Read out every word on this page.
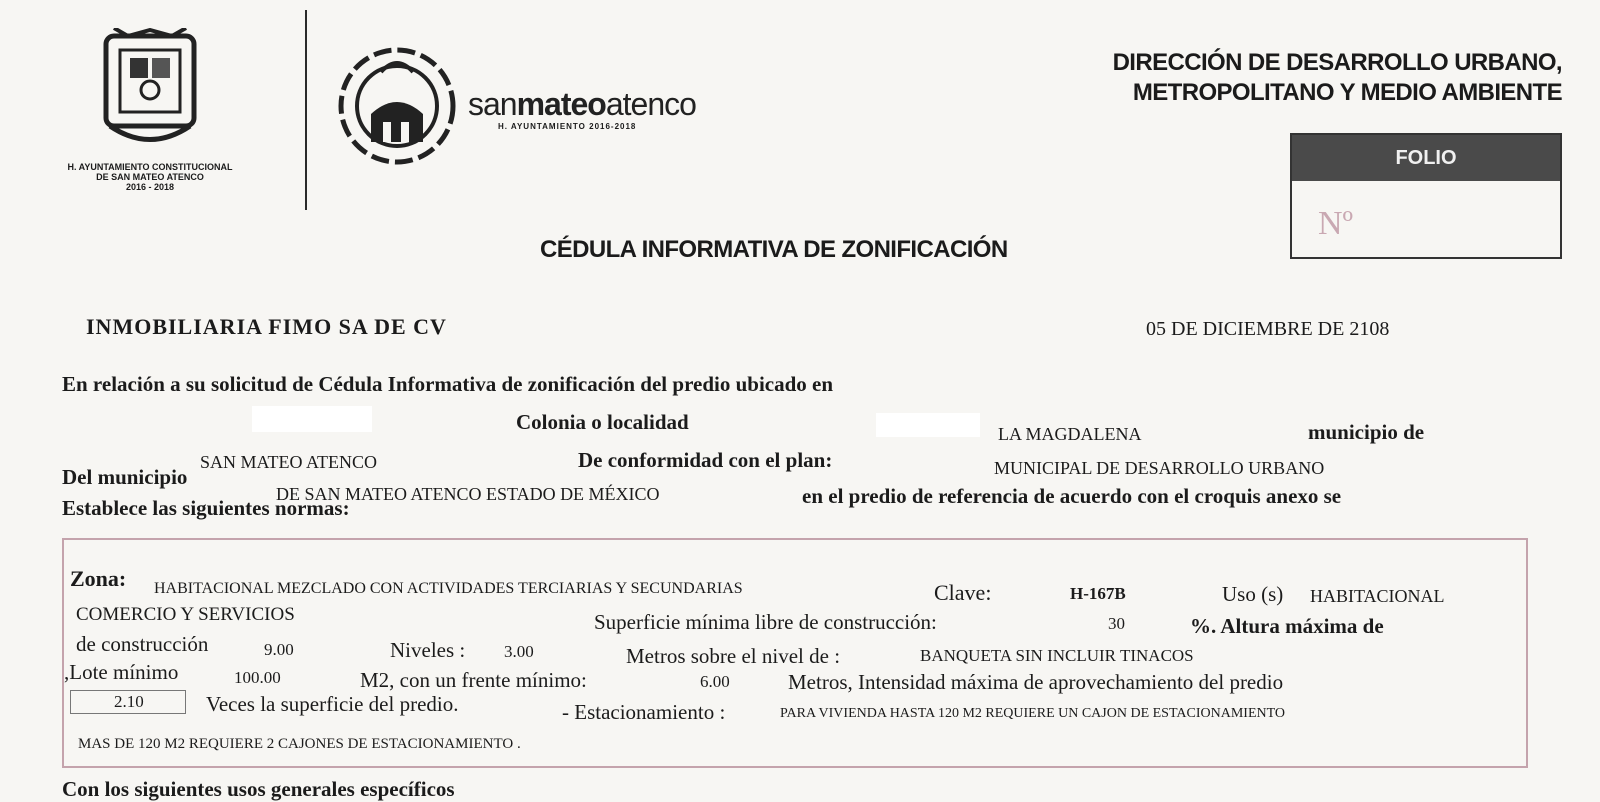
H. AYUNTAMIENTO CONSTITUCIONAL
DE SAN MATEO ATENCO
2016 - 2018
sanmateoatenco
H. AYUNTAMIENTO 2016-2018
DIRECCIÓN DE DESARROLLO URBANO,
METROPOLITANO Y MEDIO AMBIENTE
FOLIO
Nº
CÉDULA INFORMATIVA DE ZONIFICACIÓN
INMOBILIARIA FIMO SA DE CV	05 DE DICIEMBRE DE 2108
En relación a su solicitud de Cédula Informativa de zonificación del predio ubicado en
Colonia o localidad	LA MAGDALENA	municipio de
SAN MATEO ATENCO	De conformidad con el plan:	MUNICIPAL DE DESARROLLO URBANO
Del municipio
DE SAN MATEO ATENCO ESTADO DE MÉXICO	en el predio de referencia de acuerdo con el croquis anexo se
Establece las siguientes normas:
Zona: HABITACIONAL MEZCLADO CON ACTIVIDADES TERCIARIAS Y SECUNDARIAS	Clave:	H-167B	Uso (s) HABITACIONAL
COMERCIO Y SERVICIOS	Superficie mínima libre de construcción:	30	%. Altura máxima de
de construcción	9.00	Niveles : 3.00	Metros sobre el nivel de :	BANQUETA SIN INCLUIR TINACOS
,Lote mínimo	100.00	M2, con un frente mínimo:	6.00	Metros, Intensidad máxima de aprovechamiento del predio
2.10	Veces la superficie del predio.	- Estacionamiento :	PARA VIVIENDA HASTA 120 M2 REQUIERE UN CAJON DE ESTACIONAMIENTO
MAS DE 120 M2 REQUIERE 2 CAJONES DE ESTACIONAMIENTO .
Con los siguientes usos generales específicos
